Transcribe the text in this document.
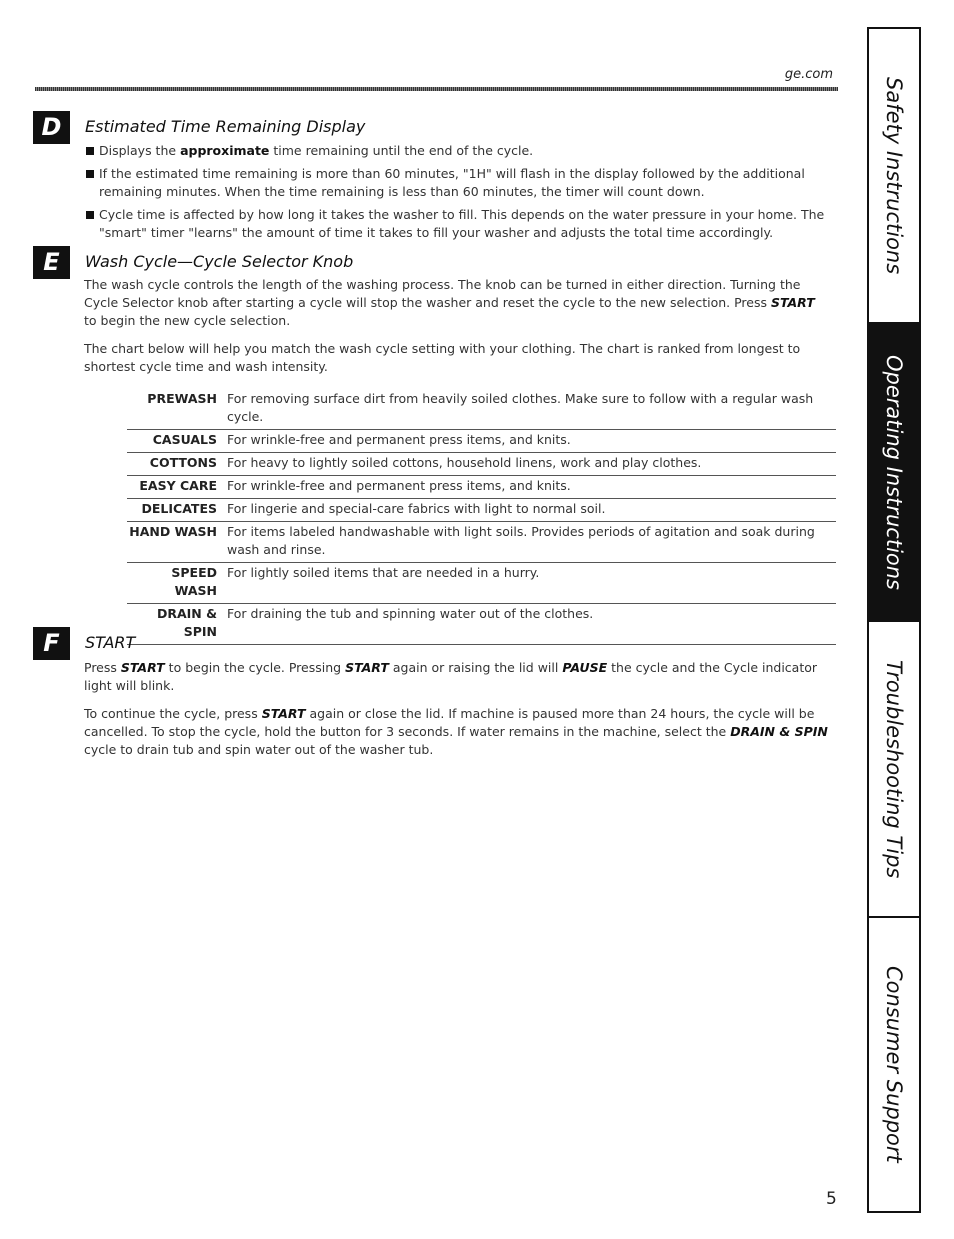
ge.com
D	Estimated Time Remaining Display
Displays the approximate time remaining until the end of the cycle.
If the estimated time remaining is more than 60 minutes, "1H" will flash in the display followed by the additional remaining minutes. When the time remaining is less than 60 minutes, the timer will count down.
Cycle time is affected by how long it takes the washer to fill. This depends on the water pressure in your home. The "smart" timer "learns" the amount of time it takes to fill your washer and adjusts the total time accordingly.
E	Wash Cycle—Cycle Selector Knob

The wash cycle controls the length of the washing process. The knob can be turned in either direction. Turning the Cycle Selector knob after starting a cycle will stop the washer and reset the cycle to the new selection. Press START
to begin the new cycle selection.

The chart below will help you match the wash cycle setting with your clothing. The chart is ranked from longest to shortest cycle time and wash intensity.

PREWASH	For removing surface dirt from heavily soiled clothes. Make sure to follow with a regular wash cycle.
CASUALS	For wrinkle-free and permanent press items, and knits.
COTTONS	For heavy to lightly soiled cottons, household linens, work and play clothes.
EASY CARE	For wrinkle-free and permanent press items, and knits.
DELICATES	For lingerie and special-care fabrics with light to normal soil.
HAND WASH	For items labeled handwashable with light soils. Provides periods of agitation and soak during wash and rinse.
SPEED WASH	For lightly soiled items that are needed in a hurry.
DRAIN & SPIN	For draining the tub and spinning water out of the clothes.
F	START

Press START to begin the cycle. Pressing START again or raising the lid will PAUSE the cycle and the Cycle indicator light will blink.

To continue the cycle, press START again or close the lid. If machine is paused more than 24 hours, the cycle will be cancelled. To stop the cycle, hold the button for 3 seconds. If water remains in the machine, select the DRAIN & SPIN cycle to drain tub and spin water out of the washer tub.

Safety Instructions
Operating Instructions
Troubleshooting Tips
Consumer Support
5
